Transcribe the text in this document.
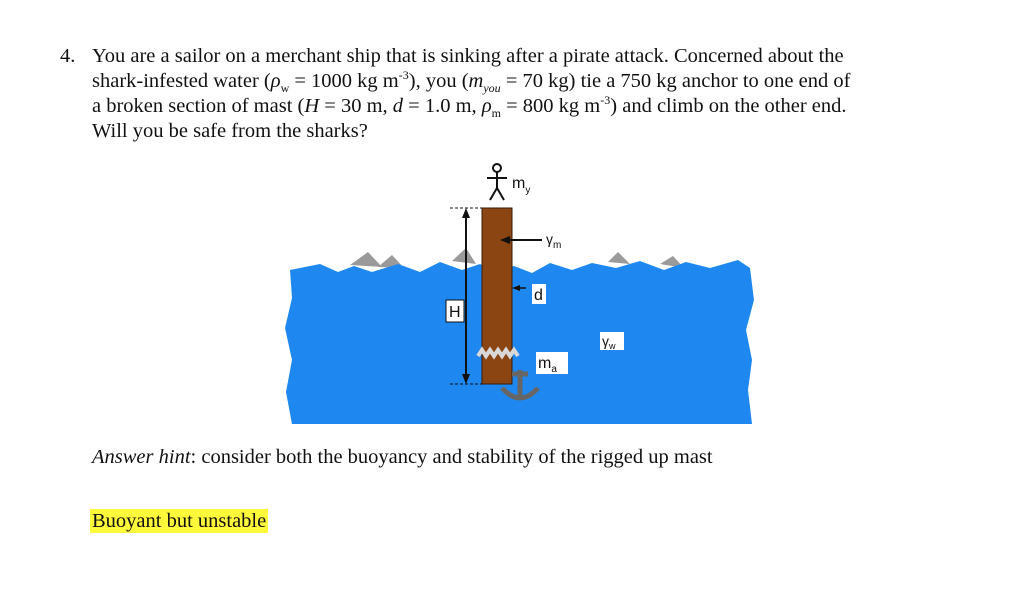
4. You are a sailor on a merchant ship that is sinking after a pirate attack. Concerned about the
shark-infested water ($\rho_w = 1000$ kg $m^{-3}$), you ($m_{you} = 70$ kg) tie a 750 kg anchor to one end of
a broken section of mast (H = 30 m, d = 1.0 m, $\rho_m = 800$ kg $m^{-3}$) and climb on the other end.
Will you be safe from the sharks?
$m_y$
$\gamma_m$
d
H
$\gamma_w$
$m_a$
Answer hint: consider both the buoyancy and stability of the rigged up mast
Buoyant but unstable
